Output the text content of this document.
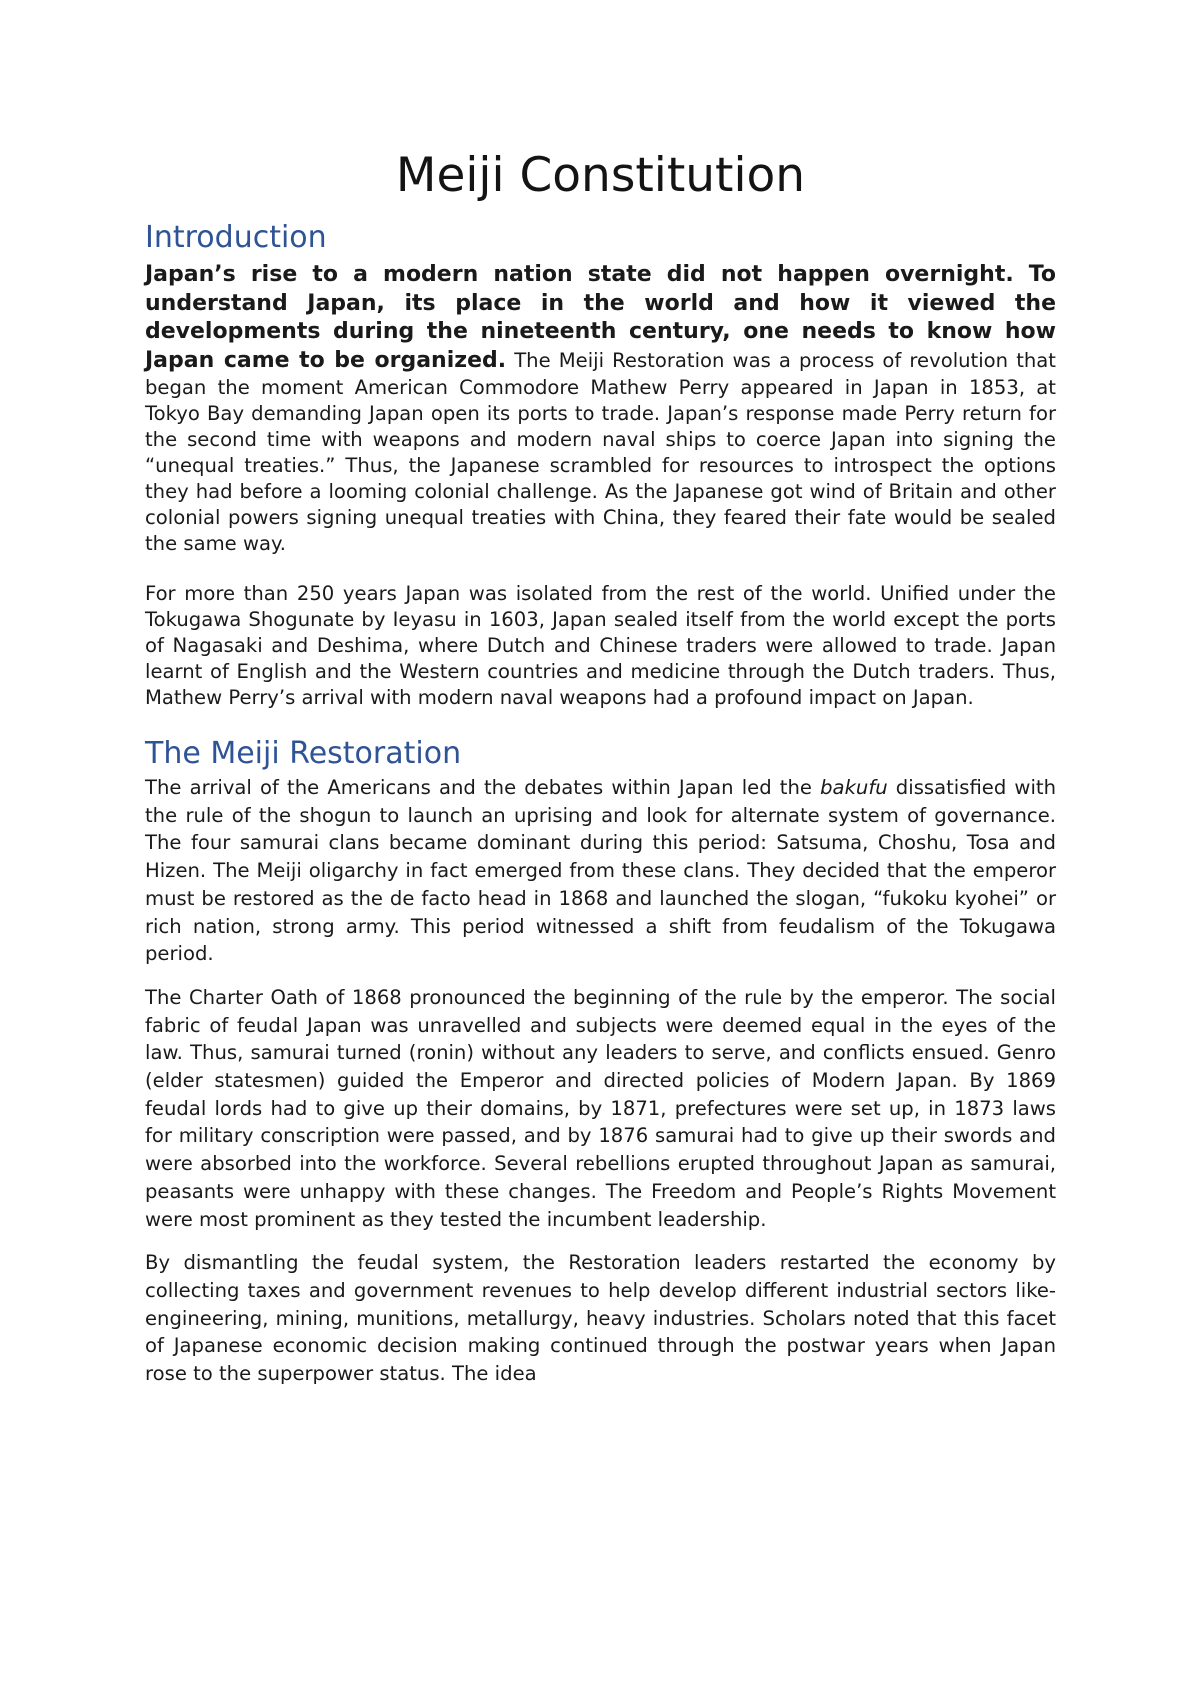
Meiji Constitution
Introduction

Japan’s rise to a modern nation state did not happen overnight. To understand Japan, its place in the world and how it viewed the developments during the nineteenth century, one needs to know how Japan came to be organized. The Meiji Restoration was a process of revolution that began the moment American Commodore Mathew Perry appeared in Japan in 1853, at Tokyo Bay demanding Japan open its ports to trade. Japan’s response made Perry return for the second time with weapons and modern naval ships to coerce Japan into signing the “unequal treaties.” Thus, the Japanese scrambled for resources to introspect the options they had before a looming colonial challenge. As the Japanese got wind of Britain and other colonial powers signing unequal treaties with China, they feared their fate would be sealed the same way.

For more than 250 years Japan was isolated from the rest of the world. Unified under the Tokugawa Shogunate by Ieyasu in 1603, Japan sealed itself from the world except the ports of Nagasaki and Deshima, where Dutch and Chinese traders were allowed to trade. Japan learnt of English and the Western countries and medicine through the Dutch traders. Thus, Mathew Perry’s arrival with modern naval weapons had a profound impact on Japan.

The Meiji Restoration

The arrival of the Americans and the debates within Japan led the bakufu dissatisfied with the rule of the shogun to launch an uprising and look for alternate system of governance. The four samurai clans became dominant during this period: Satsuma, Choshu, Tosa and Hizen. The Meiji oligarchy in fact emerged from these clans. They decided that the emperor must be restored as the de facto head in 1868 and launched the slogan, “fukoku kyohei” or rich nation, strong army. This period witnessed a shift from feudalism of the Tokugawa period.

The Charter Oath of 1868 pronounced the beginning of the rule by the emperor. The social fabric of feudal Japan was unravelled and subjects were deemed equal in the eyes of the law. Thus, samurai turned (ronin) without any leaders to serve, and conflicts ensued. Genro (elder statesmen) guided the Emperor and directed policies of Modern Japan. By 1869 feudal lords had to give up their domains, by 1871, prefectures were set up, in 1873 laws for military conscription were passed, and by 1876 samurai had to give up their swords and were absorbed into the workforce. Several rebellions erupted throughout Japan as samurai, peasants were unhappy with these changes. The Freedom and People’s Rights Movement were most prominent as they tested the incumbent leadership.

By dismantling the feudal system, the Restoration leaders restarted the economy by collecting taxes and government revenues to help develop different industrial sectors like- engineering, mining, munitions, metallurgy, heavy industries. Scholars noted that this facet of Japanese economic decision making continued through the postwar years when Japan rose to the superpower status. The idea
